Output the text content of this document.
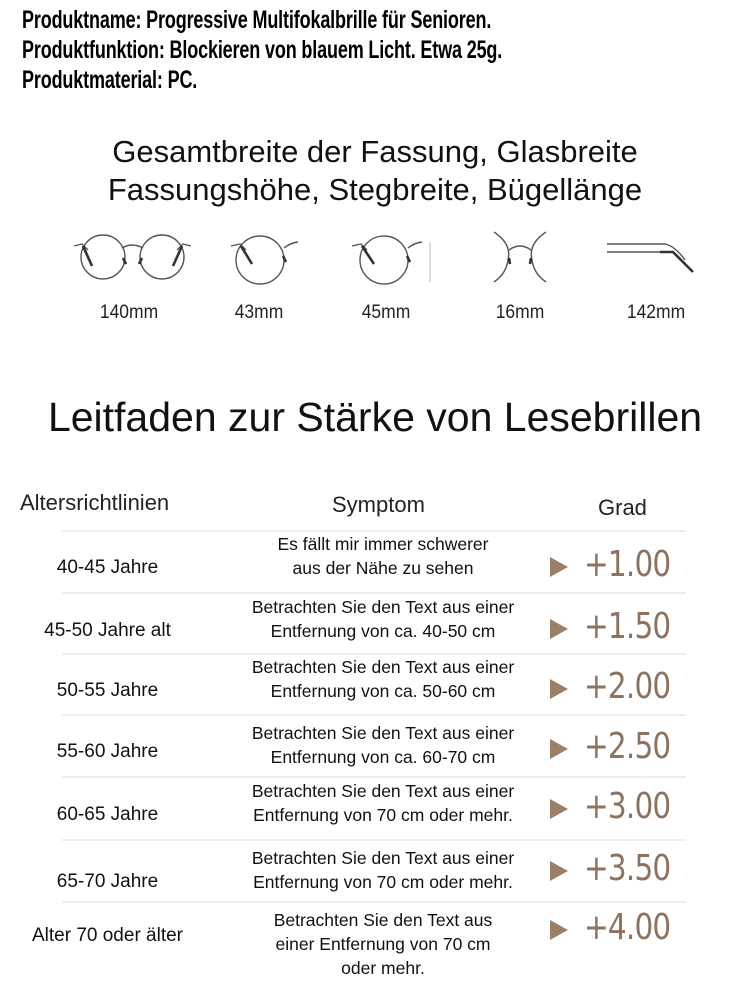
Produktname: Progressive Multifokalbrille für Senioren.
Produktfunktion: Blockieren von blauem Licht. Etwa 25g.
Produktmaterial: PC.
Gesamtbreite der Fassung, Glasbreite
Fassungshöhe, Stegbreite, Bügellänge
140mm	43mm	45mm	16mm	142mm
Leitfaden zur Stärke von Lesebrillen
Altersrichtlinien	Symptom	Grad
40-45 Jahre
Es fällt mir immer schwerer
aus der Nähe zu sehen	+1.00
45-50 Jahre alt
Betrachten Sie den Text aus einer
Entfernung von ca. 40-50 cm	+1.50
50-55 Jahre
Betrachten Sie den Text aus einer
Entfernung von ca. 50-60 cm	+2.00
55-60 Jahre
Betrachten Sie den Text aus einer
Entfernung von ca. 60-70 cm	+2.50
60-65 Jahre
Betrachten Sie den Text aus einer
Entfernung von 70 cm oder mehr.	+3.00
65-70 Jahre
Betrachten Sie den Text aus einer
Entfernung von 70 cm oder mehr.	+3.50
Alter 70 oder älter
Betrachten Sie den Text aus
einer Entfernung von 70 cm
oder mehr.
+4.00
